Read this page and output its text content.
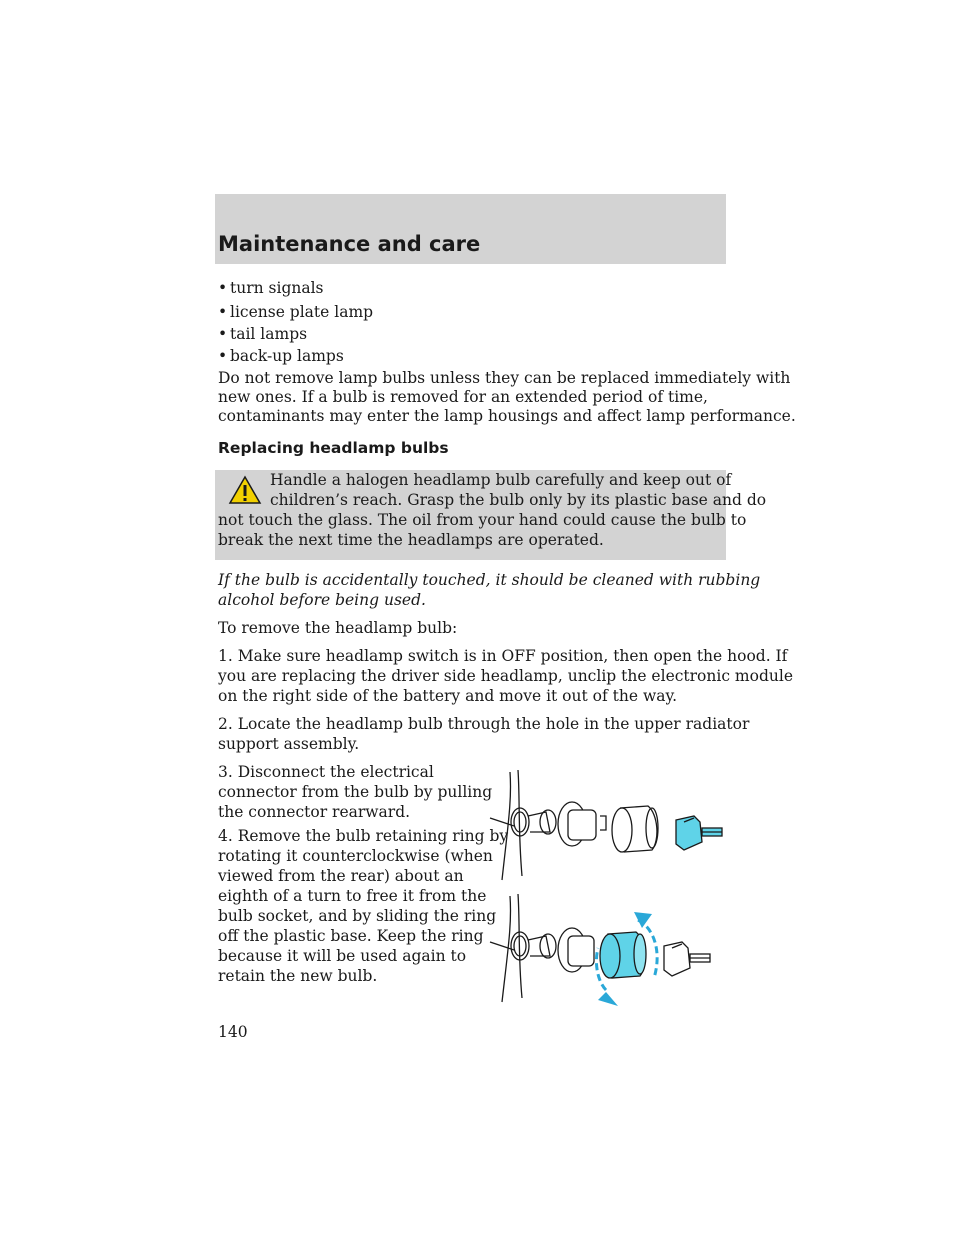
Maintenance and care
• turn signals
• license plate lamp
• tail lamps
• back-up lamps
Do not remove lamp bulbs unless they can be replaced immediately with
new ones. If a bulb is removed for an extended period of time,
contaminants may enter the lamp housings and affect lamp performance.
Replacing headlamp bulbs
Handle a halogen headlamp bulb carefully and keep out of
children’s reach. Grasp the bulb only by its plastic base and do
not touch the glass. The oil from your hand could cause the bulb to
break the next time the headlamps are operated.
If the bulb is accidentally touched, it should be cleaned with rubbing
alcohol before being used.
To remove the headlamp bulb:
1. Make sure headlamp switch is in OFF position, then open the hood. If
you are replacing the driver side headlamp, unclip the electronic module
on the right side of the battery and move it out of the way.
2. Locate the headlamp bulb through the hole in the upper radiator
support assembly.
3. Disconnect the electrical
connector from the bulb by pulling
the connector rearward.
4. Remove the bulb retaining ring by
rotating it counterclockwise (when
viewed from the rear) about an
eighth of a turn to free it from the
bulb socket, and by sliding the ring
off the plastic base. Keep the ring
because it will be used again to
retain the new bulb.
140
